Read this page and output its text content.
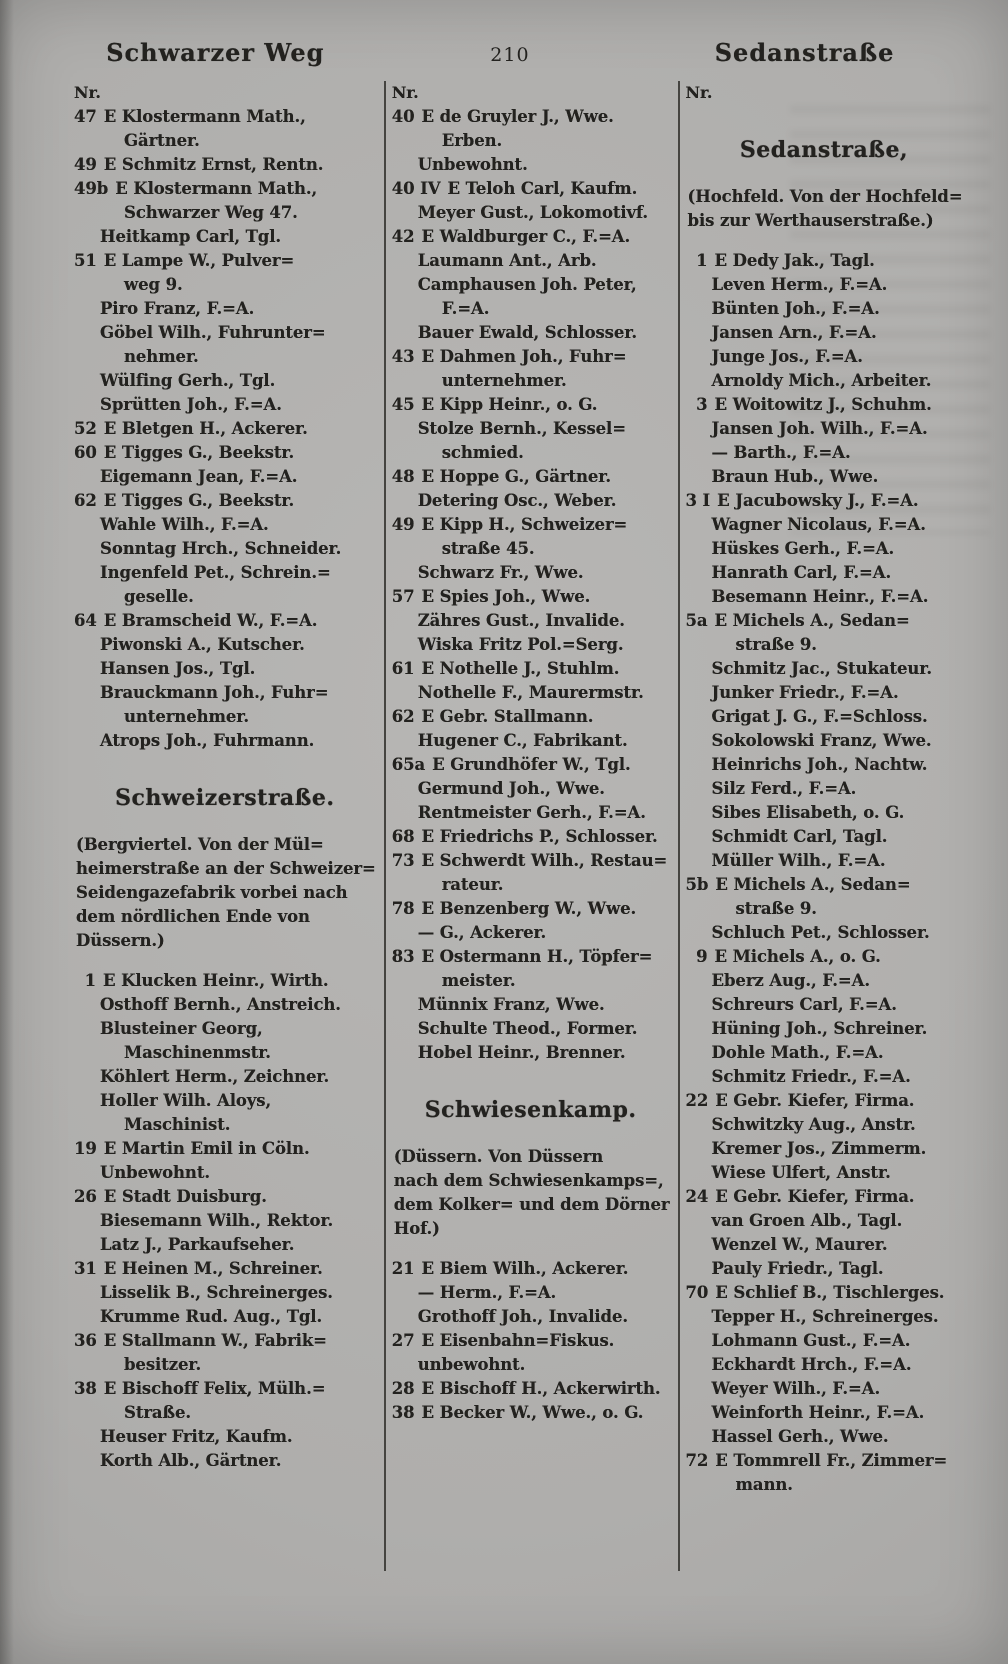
Schwarzer Weg	210	Sedanstraße
Nr.
47 E Klostermann Math.,
Gärtner.
49 E Schmitz Ernst, Rentn.
49b E Klostermann Math.,
Schwarzer Weg 47.
Heitkamp Carl, Tgl.
51 E Lampe W., Pulver=
weg 9.
Piro Franz, F.=A.
Göbel Wilh., Fuhrunter=
nehmer.
Wülfing Gerh., Tgl.
Sprütten Joh., F.=A.
52 E Bletgen H., Ackerer.
60 E Tigges G., Beekstr.
Eigemann Jean, F.=A.
62 E Tigges G., Beekstr.
Wahle Wilh., F.=A.
Sonntag Hrch., Schneider.
Ingenfeld Pet., Schrein.=
geselle.
64 E Bramscheid W., F.=A.
Piwonski A., Kutscher.
Hansen Jos., Tgl.
Brauckmann Joh., Fuhr=
unternehmer.
Atrops Joh., Fuhrmann.
Schweizerstraße.
(Bergviertel. Von der Mül=
heimerstraße an der Schweizer=
Seidengazefabrik vorbei nach
dem nördlichen Ende von
Düssern.)
1 E Klucken Heinr., Wirth.
Osthoff Bernh., Anstreich.
Blusteiner Georg,
Maschinenmstr.
Köhlert Herm., Zeichner.
Holler Wilh. Aloys,
Maschinist.
19 E Martin Emil in Cöln.
Unbewohnt.
26 E Stadt Duisburg.
Biesemann Wilh., Rektor.
Latz J., Parkaufseher.
31 E Heinen M., Schreiner.
Lisselik B., Schreinerges.
Krumme Rud. Aug., Tgl.
36 E Stallmann W., Fabrik=
besitzer.
38 E Bischoff Felix, Mülh.=
Straße.
Heuser Fritz, Kaufm.
Korth Alb., Gärtner.
Nr.
40 E de Gruyler J., Wwe.
Erben.
Unbewohnt.
40 IV E Teloh Carl, Kaufm.
Meyer Gust., Lokomotivf.
42 E Waldburger C., F.=A.
Laumann Ant., Arb.
Camphausen Joh. Peter,
F.=A.
Bauer Ewald, Schlosser.
43 E Dahmen Joh., Fuhr=
unternehmer.
45 E Kipp Heinr., o. G.
Stolze Bernh., Kessel=
schmied.
48 E Hoppe G., Gärtner.
Detering Osc., Weber.
49 E Kipp H., Schweizer=
straße 45.
Schwarz Fr., Wwe.
57 E Spies Joh., Wwe.
Zähres Gust., Invalide.
Wiska Fritz Pol.=Serg.
61 E Nothelle J., Stuhlm.
Nothelle F., Maurermstr.
62 E Gebr. Stallmann.
Hugener C., Fabrikant.
65a E Grundhöfer W., Tgl.
Germund Joh., Wwe.
Rentmeister Gerh., F.=A.
68 E Friedrichs P., Schlosser.
73 E Schwerdt Wilh., Restau=
rateur.
78 E Benzenberg W., Wwe.
— G., Ackerer.
83 E Ostermann H., Töpfer=
meister.
Münnix Franz, Wwe.
Schulte Theod., Former.
Hobel Heinr., Brenner.
Schwiesenkamp.
(Düssern. Von Düssern
nach dem Schwiesenkamps=,
dem Kolker= und dem Dörner
Hof.)
21 E Biem Wilh., Ackerer.
— Herm., F.=A.
Grothoff Joh., Invalide.
27 E Eisenbahn=Fiskus.
unbewohnt.
28 E Bischoff H., Ackerwirth.
38 E Becker W., Wwe., o. G.
Nr.
Sedanstraße,
(Hochfeld. Von der Hochfeld=
bis zur Werthauserstraße.)
1 E Dedy Jak., Tagl.
Leven Herm., F.=A.
Bünten Joh., F.=A.
Jansen Arn., F.=A.
Junge Jos., F.=A.
Arnoldy Mich., Arbeiter.
3 E Woitowitz J., Schuhm.
Jansen Joh. Wilh., F.=A.
— Barth., F.=A.
Braun Hub., Wwe.
3 I E Jacubowsky J., F.=A.
Wagner Nicolaus, F.=A.
Hüskes Gerh., F.=A.
Hanrath Carl, F.=A.
Besemann Heinr., F.=A.
5a E Michels A., Sedan=
straße 9.
Schmitz Jac., Stukateur.
Junker Friedr., F.=A.
Grigat J. G., F.=Schloss.
Sokolowski Franz, Wwe.
Heinrichs Joh., Nachtw.
Silz Ferd., F.=A.
Sibes Elisabeth, o. G.
Schmidt Carl, Tagl.
Müller Wilh., F.=A.
5b E Michels A., Sedan=
straße 9.
Schluch Pet., Schlosser.
9 E Michels A., o. G.
Eberz Aug., F.=A.
Schreurs Carl, F.=A.
Hüning Joh., Schreiner.
Dohle Math., F.=A.
Schmitz Friedr., F.=A.
22 E Gebr. Kiefer, Firma.
Schwitzky Aug., Anstr.
Kremer Jos., Zimmerm.
Wiese Ulfert, Anstr.
24 E Gebr. Kiefer, Firma.
van Groen Alb., Tagl.
Wenzel W., Maurer.
Pauly Friedr., Tagl.
70 E Schlief B., Tischlerges.
Tepper H., Schreinerges.
Lohmann Gust., F.=A.
Eckhardt Hrch., F.=A.
Weyer Wilh., F.=A.
Weinforth Heinr., F.=A.
Hassel Gerh., Wwe.
72 E Tommrell Fr., Zimmer=
mann.
